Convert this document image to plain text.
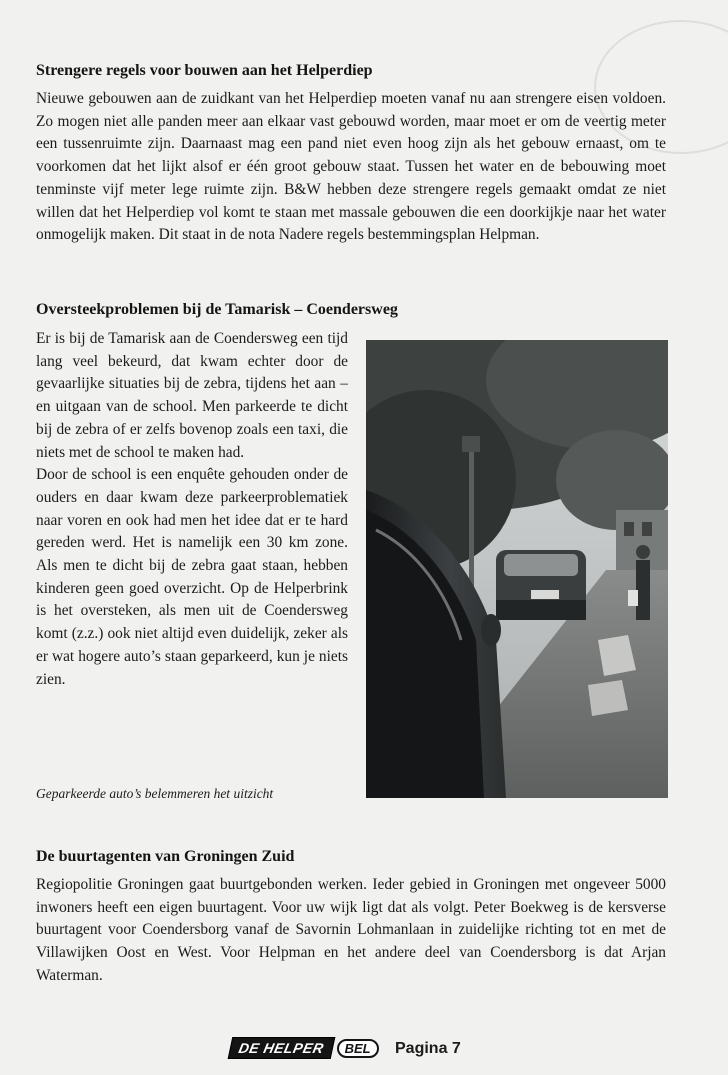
Strengere regels voor bouwen aan het Helperdiep

Nieuwe gebouwen aan de zuidkant van het Helperdiep moeten vanaf nu aan strengere eisen voldoen. Zo mogen niet alle panden meer aan elkaar vast gebouwd worden, maar moet er om de veertig meter een tussenruimte zijn. Daarnaast mag een pand niet even hoog zijn als het gebouw ernaast, om te voorkomen dat het lijkt alsof er één groot gebouw staat. Tussen het water en de bebouwing moet tenminste vijf meter lege ruimte zijn. B&W hebben deze strengere regels gemaakt omdat ze niet willen dat het Helperdiep vol komt te staan met massale gebouwen die een doorkijkje naar het water onmogelijk maken. Dit staat in de nota Nadere regels bestemmingsplan Helpman.

Oversteekproblemen bij de Tamarisk – Coendersweg

Er is bij de Tamarisk aan de Coendersweg een tijd lang veel bekeurd, dat kwam echter door de gevaarlijke situaties bij de zebra, tijdens het aan – en uitgaan van de school. Men parkeerde te dicht bij de zebra of er zelfs bovenop zoals een taxi, die niets met de school te maken had.

Door de school is een enquête gehouden onder de ouders en daar kwam deze parkeerproblematiek naar voren en ook had men het idee dat er te hard gereden werd. Het is namelijk een 30 km zone. Als men te dicht bij de zebra gaat staan, hebben kinderen geen goed overzicht. Op de Helperbrink is het oversteken, als men uit de Coendersweg komt (z.z.) ook niet altijd even duidelijk, zeker als er wat hogere auto’s staan geparkeerd, kun je niets zien.

Geparkeerde auto’s belemmeren het uitzicht
De buurtagenten van Groningen Zuid

Regiopolitie Groningen gaat buurtgebonden werken. Ieder gebied in Groningen met ongeveer 5000 inwoners heeft een eigen buurtagent. Voor uw wijk ligt dat als volgt. Peter Boekweg is de kersverse buurtagent voor Coendersborg vanaf de Savornin Lohmanlaan in zuidelijke richting tot en met de Villawijken Oost en West. Voor Helpman en het andere deel van Coendersborg is dat Arjan Waterman.

DE HELPER	BEL	Pagina 7
